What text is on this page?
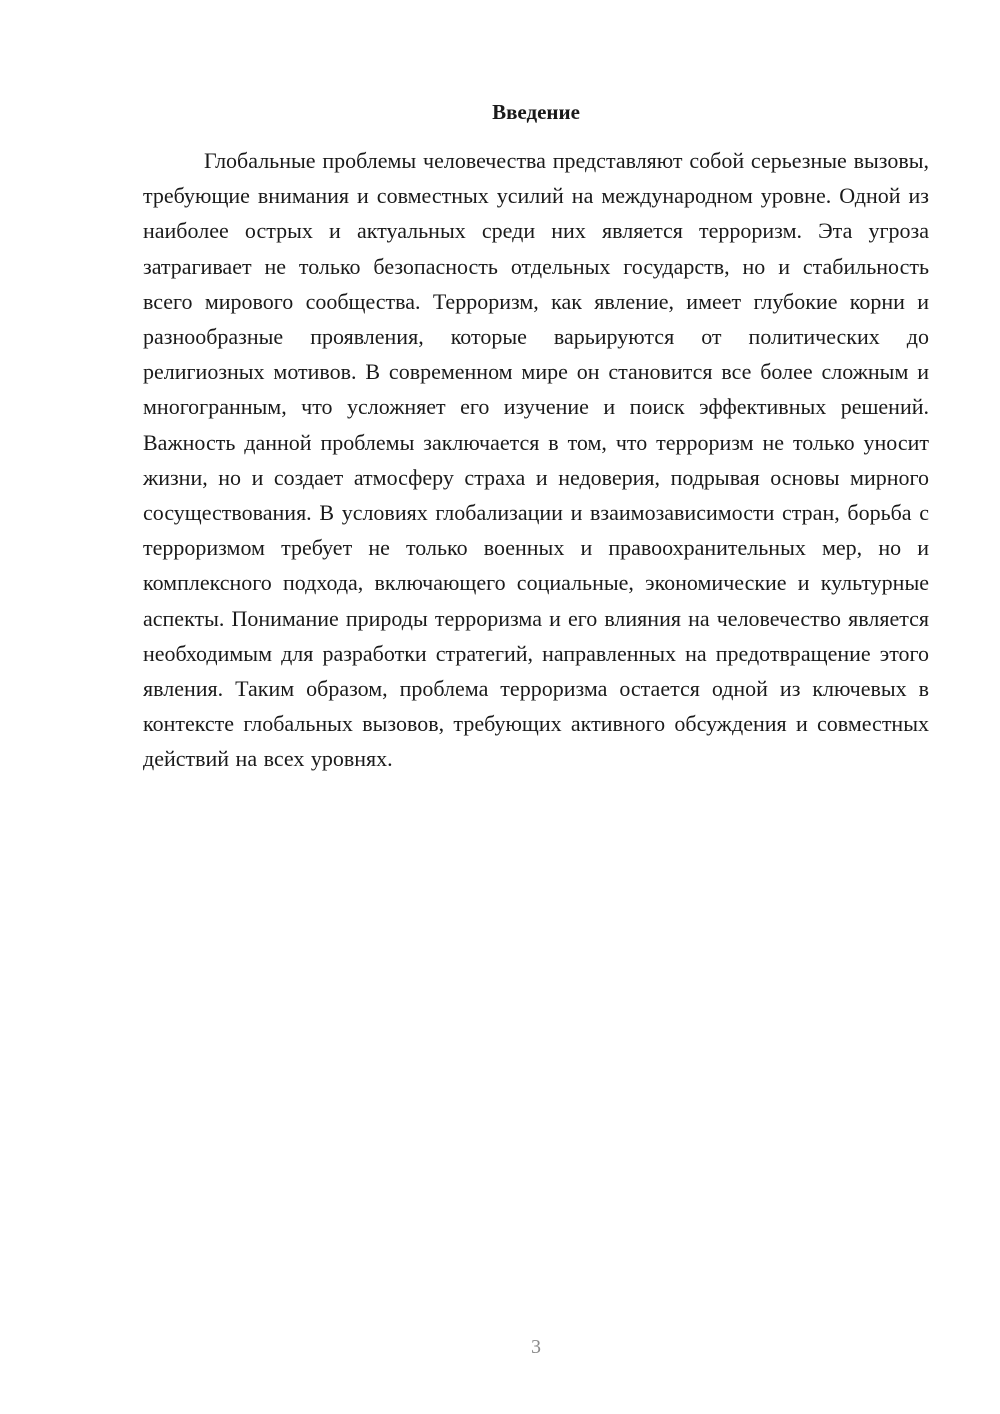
Введение

Глобальные проблемы человечества представляют собой серьезные вызовы, требующие внимания и совместных усилий на международном уровне. Одной из наиболее острых и актуальных среди них является терроризм. Эта угроза затрагивает не только безопасность отдельных государств, но и стабильность всего мирового сообщества. Терроризм, как явление, имеет глубокие корни и разнообразные проявления, которые варьируются от политических до религиозных мотивов. В современном мире он становится все более сложным и многогранным, что усложняет его изучение и поиск эффективных решений. Важность данной проблемы заключается в том, что терроризм не только уносит жизни, но и создает атмосферу страха и недоверия, подрывая основы мирного сосуществования. В условиях глобализации и взаимозависимости стран, борьба с терроризмом требует не только военных и правоохранительных мер, но и комплексного подхода, включающего социальные, экономические и культурные аспекты. Понимание природы терроризма и его влияния на человечество является необходимым для разработки стратегий, направленных на предотвращение этого явления. Таким образом, проблема терроризма остается одной из ключевых в контексте глобальных вызовов, требующих активного обсуждения и совместных действий на всех уровнях.

3
